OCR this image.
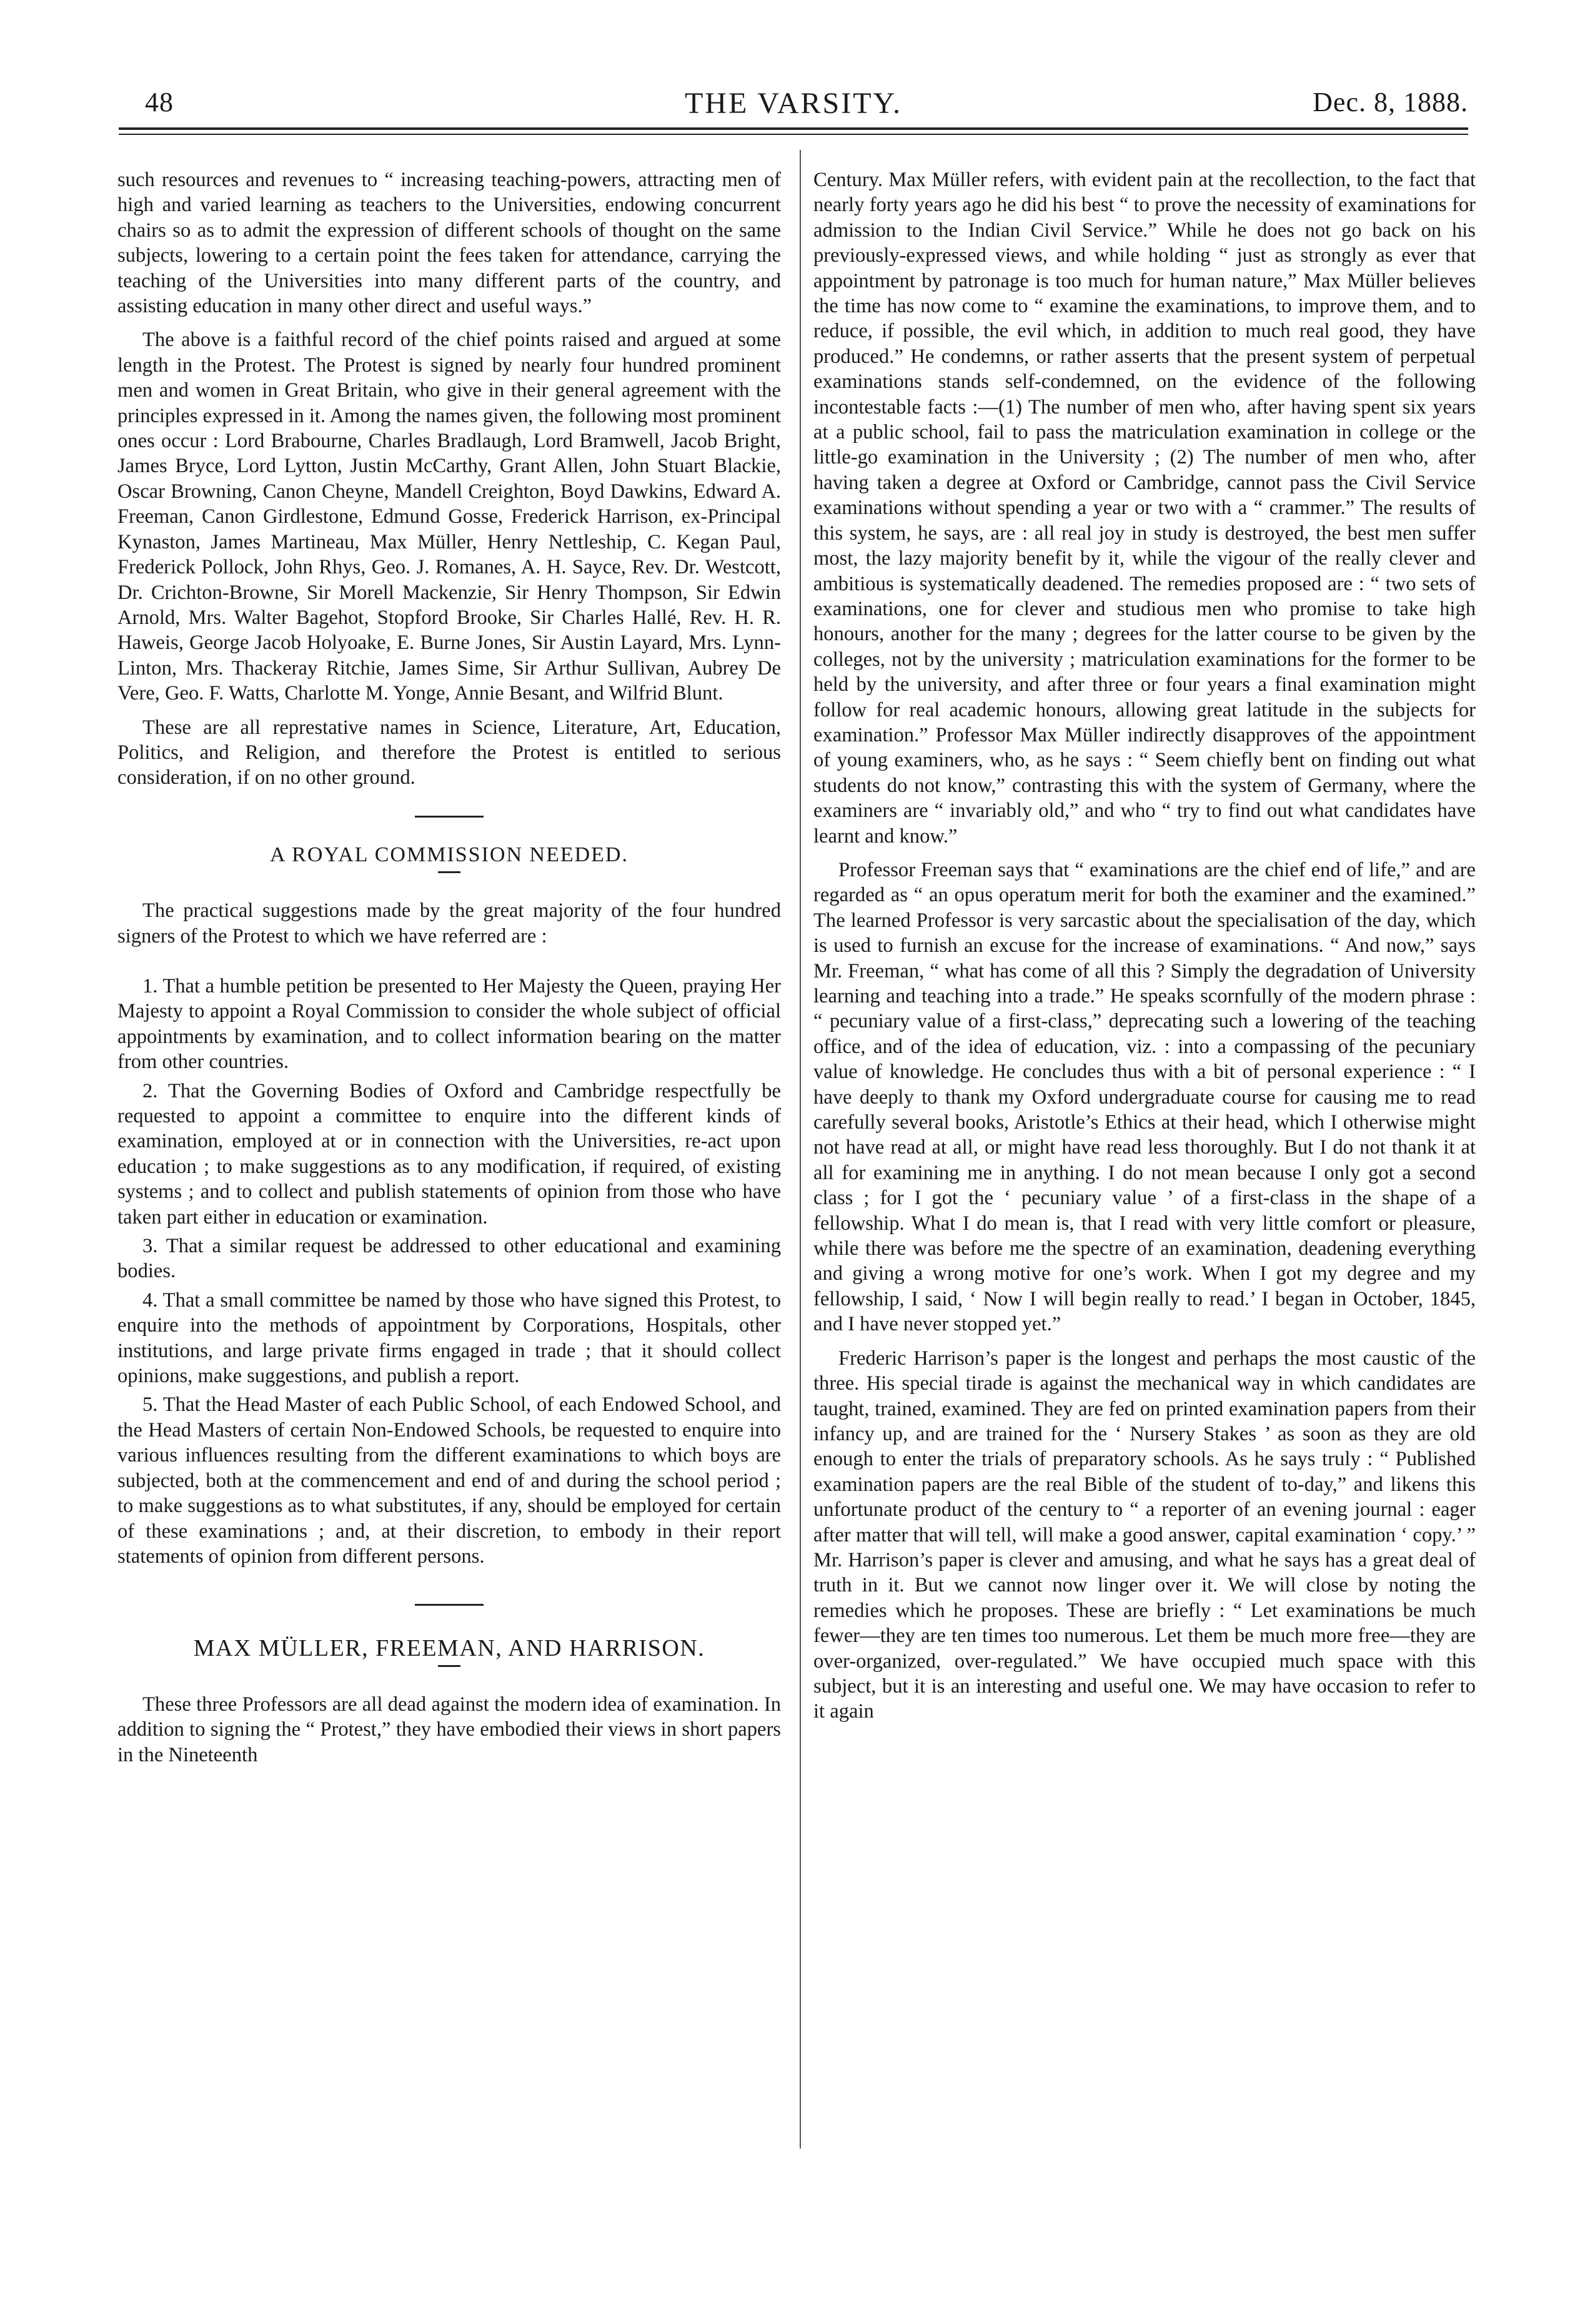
48	THE VARSITY.	Dec. 8, 1888.

such resources and revenues to “ increasing teaching-powers, attracting men of high and varied learning as teachers to the Universities, endowing concurrent chairs so as to admit the expression of different schools of thought on the same subjects, lowering to a certain point the fees taken for attendance, carrying the teaching of the Universities into many different parts of the country, and assisting education in many other direct and useful ways.”

The above is a faithful record of the chief points raised and argued at some length in the Protest. The Protest is signed by nearly four hundred prominent men and women in Great Britain, who give in their general agreement with the principles expressed in it. Among the names given, the following most prominent ones occur : Lord Brabourne, Charles Bradlaugh, Lord Bramwell, Jacob Bright, James Bryce, Lord Lytton, Justin McCarthy, Grant Allen, John Stuart Blackie, Oscar Browning, Canon Cheyne, Mandell Creighton, Boyd Dawkins, Edward A. Freeman, Canon Girdlestone, Edmund Gosse, Frederick Harrison, ex-Principal Kynaston, James Martineau, Max Müller, Henry Nettleship, C. Kegan Paul, Frederick Pollock, John Rhys, Geo. J. Romanes, A. H. Sayce, Rev. Dr. Westcott, Dr. Crichton-Browne, Sir Morell Mackenzie, Sir Henry Thompson, Sir Edwin Arnold, Mrs. Walter Bagehot, Stopford Brooke, Sir Charles Hallé, Rev. H. R. Haweis, George Jacob Holyoake, E. Burne Jones, Sir Austin Layard, Mrs. Lynn-Linton, Mrs. Thackeray Ritchie, James Sime, Sir Arthur Sullivan, Aubrey De Vere, Geo. F. Watts, Charlotte M. Yonge, Annie Besant, and Wilfrid Blunt.

These are all represtative names in Science, Literature, Art, Education, Politics, and Religion, and therefore the Protest is entitled to serious consideration, if on no other ground.

A ROYAL COMMISSION NEEDED.

The practical suggestions made by the great majority of the four hundred signers of the Protest to which we have referred are :

1. That a humble petition be presented to Her Majesty the Queen, praying Her Majesty to appoint a Royal Commission to consider the whole subject of official appointments by examination, and to collect information bearing on the matter from other countries.

2. That the Governing Bodies of Oxford and Cambridge respectfully be requested to appoint a committee to enquire into the different kinds of examination, employed at or in connection with the Universities, re-act upon education ; to make suggestions as to any modification, if required, of existing systems ; and to collect and publish statements of opinion from those who have taken part either in education or examination.

3. That a similar request be addressed to other educational and examining bodies.

4. That a small committee be named by those who have signed this Protest, to enquire into the methods of appointment by Corporations, Hospitals, other institutions, and large private firms engaged in trade ; that it should collect opinions, make suggestions, and publish a report.

5. That the Head Master of each Public School, of each Endowed School, and the Head Masters of certain Non-Endowed Schools, be requested to enquire into various influences resulting from the different examinations to which boys are subjected, both at the commencement and end of and during the school period ; to make suggestions as to what substitutes, if any, should be employed for certain of these examinations ; and, at their discretion, to embody in their report statements of opinion from different persons.

MAX MÜLLER, FREEMAN, AND HARRISON.

These three Professors are all dead against the modern idea of examination. In addition to signing the “ Protest,” they have embodied their views in short papers in the Nineteenth

Century. Max Müller refers, with evident pain at the recollection, to the fact that nearly forty years ago he did his best “ to prove the necessity of examinations for admission to the Indian Civil Service.” While he does not go back on his previously-expressed views, and while holding “ just as strongly as ever that appointment by patronage is too much for human nature,” Max Müller believes the time has now come to “ examine the examinations, to improve them, and to reduce, if possible, the evil which, in addition to much real good, they have produced.” He condemns, or rather asserts that the present system of perpetual examinations stands self-condemned, on the evidence of the following incontestable facts :—(1) The number of men who, after having spent six years at a public school, fail to pass the matriculation examination in college or the little-go examination in the University ; (2) The number of men who, after having taken a degree at Oxford or Cambridge, cannot pass the Civil Service examinations without spending a year or two with a “ crammer.” The results of this system, he says, are : all real joy in study is destroyed, the best men suffer most, the lazy majority benefit by it, while the vigour of the really clever and ambitious is systematically deadened. The remedies proposed are : “ two sets of examinations, one for clever and studious men who promise to take high honours, another for the many ; degrees for the latter course to be given by the colleges, not by the university ; matriculation examinations for the former to be held by the university, and after three or four years a final examination might follow for real academic honours, allowing great latitude in the subjects for examination.” Professor Max Müller indirectly disapproves of the appointment of young examiners, who, as he says : “ Seem chiefly bent on finding out what students do not know,” contrasting this with the system of Germany, where the examiners are “ invariably old,” and who “ try to find out what candidates have learnt and know.”

Professor Freeman says that “ examinations are the chief end of life,” and are regarded as “ an opus operatum merit for both the examiner and the examined.” The learned Professor is very sarcastic about the specialisation of the day, which is used to furnish an excuse for the increase of examinations. “ And now,” says Mr. Freeman, “ what has come of all this ? Simply the degradation of University learning and teaching into a trade.” He speaks scornfully of the modern phrase : “ pecuniary value of a first-class,” deprecating such a lowering of the teaching office, and of the idea of education, viz. : into a compassing of the pecuniary value of knowledge. He concludes thus with a bit of personal experience : “ I have deeply to thank my Oxford undergraduate course for causing me to read carefully several books, Aristotle’s Ethics at their head, which I otherwise might not have read at all, or might have read less thoroughly. But I do not thank it at all for examining me in anything. I do not mean because I only got a second class ; for I got the ‘ pecuniary value ’ of a first-class in the shape of a fellowship. What I do mean is, that I read with very little comfort or pleasure, while there was before me the spectre of an examination, deadening everything and giving a wrong motive for one’s work. When I got my degree and my fellowship, I said, ‘ Now I will begin really to read.’ I began in October, 1845, and I have never stopped yet.”

Frederic Harrison’s paper is the longest and perhaps the most caustic of the three. His special tirade is against the mechanical way in which candidates are taught, trained, examined. They are fed on printed examination papers from their infancy up, and are trained for the ‘ Nursery Stakes ’ as soon as they are old enough to enter the trials of preparatory schools. As he says truly : “ Published examination papers are the real Bible of the student of to-day,” and likens this unfortunate product of the century to “ a reporter of an evening journal : eager after matter that will tell, will make a good answer, capital examination ‘ copy.’ ” Mr. Harrison’s paper is clever and amusing, and what he says has a great deal of truth in it. But we cannot now linger over it. We will close by noting the remedies which he proposes. These are briefly : “ Let examinations be much fewer—they are ten times too numerous. Let them be much more free—they are over-organized, over-regulated.” We have occupied much space with this subject, but it is an interesting and useful one. We may have occasion to refer to it again
